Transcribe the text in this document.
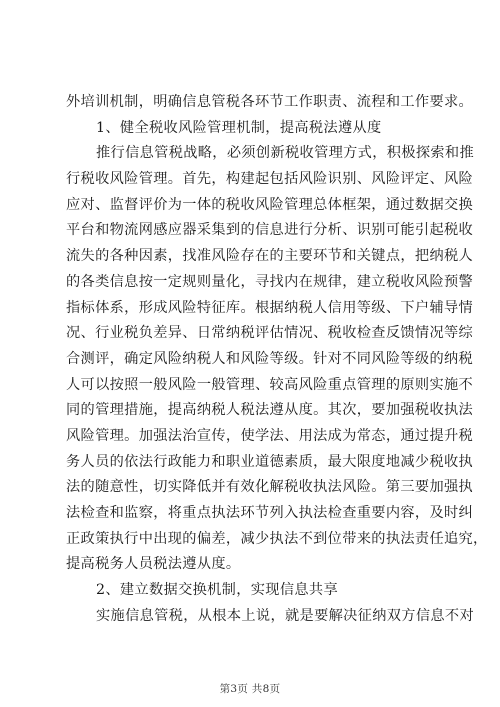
外培训机制，明确信息管税各环节工作职责、流程和工作要求。
1、健全税收风险管理机制，提高税法遵从度
推行信息管税战略，必须创新税收管理方式，积极探索和推
行税收风险管理。首先，构建起包括风险识别、风险评定、风险
应对、监督评价为一体的税收风险管理总体框架，通过数据交换
平台和物流网感应器采集到的信息进行分析、识别可能引起税收
流失的各种因素，找准风险存在的主要环节和关键点，把纳税人
的各类信息按一定规则量化，寻找内在规律，建立税收风险预警
指标体系，形成风险特征库。根据纳税人信用等级、下户辅导情
况、行业税负差异、日常纳税评估情况、税收检查反馈情况等综
合测评，确定风险纳税人和风险等级。针对不同风险等级的纳税
人可以按照一般风险一般管理、较高风险重点管理的原则实施不
同的管理措施，提高纳税人税法遵从度。其次，要加强税收执法
风险管理。加强法治宣传，使学法、用法成为常态，通过提升税
务人员的依法行政能力和职业道德素质，最大限度地减少税收执
法的随意性，切实降低并有效化解税收执法风险。第三要加强执
法检查和监察，将重点执法环节列入执法检查重要内容，及时纠
正政策执行中出现的偏差，减少执法不到位带来的执法责任追究，
提高税务人员税法遵从度。
2、建立数据交换机制，实现信息共享
实施信息管税，从根本上说，就是要解决征纳双方信息不对
第3页 共8页
